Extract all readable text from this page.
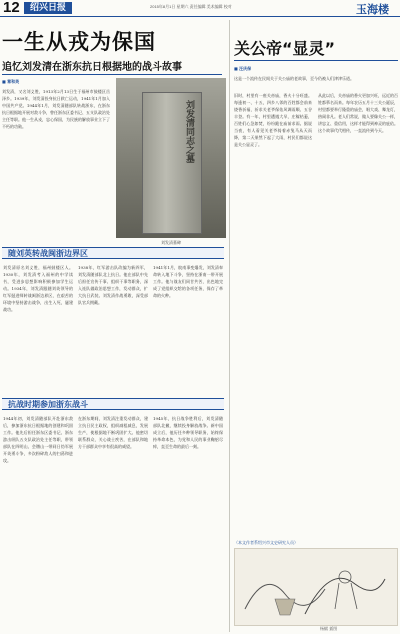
12	绍兴日报	2015年8月1日 星期六 责任编辑 美术编辑 校对	玉海楼
一生从戎为保国
追忆刘发清在浙东抗日根据地的战斗故事
■ 章和英
刘发清，又名刘义胜，1913年2月13日生于福州市鼓楼区岳泽乡。1939年，刘发清投身抗日救亡运动，1941年1月加入中国共产党。1944年1月，刘发清随部队转战浙东，在浙东抗日根据地开展对敌斗争，曾任浙东区委书记、五支队政治处主任等职。他一生从戎，忠心保国，为民族的解放事业立下了不朽的功勋。	刘发清同志之墓
刘发清墓碑
随刘英转战闽浙边界区
刘发清原名刘义胜，福州鼓楼区人。1930年，刘发清考入福州的中学读书，受进步思想影响积极参加学生运动。1934年，刘发清跟随刘英领导的红军挺进师转战闽浙边界区，在艰苦的环境中坚持游击战争，出生入死，屡建战功。
1938年，红军游击队改编为新四军，刘发清随部队北上抗日。他在部队中先后担任宣传干事、组织干事等职务，深入连队做政治思想工作，发动群众，扩大抗日武装。刘发清作战勇敢，深受部队官兵拥戴。
1941年1月，皖南事变爆发，刘发清奉命转入地下斗争，坚持在浙南一带开展工作。他与战友们同甘共苦，出色地完成了党组织交给的各项任务，保存了革命的火种。
抗战时期参加浙东战斗
1944年初，刘发清随部队开赴浙东敌后，参加浙东抗日根据地的创建和巩固工作。他先后担任浙东区委书记、浙东游击纵队五支队政治处主任等职，带领部队在四明山、会稽山一带同日伪军展开英勇斗争，多次粉碎敌人的扫荡和进攻。
在浙东期间，刘发清注重发动群众，建立抗日民主政权，组织减租减息，发展生产，使根据地不断巩固扩大。他密切联系群众，关心战士疾苦，在部队和地方干部群众中享有很高的威望。
1945年，抗日战争胜利后，刘发清随部队北撤，继续投身解放战争。新中国成立后，他历任多种领导职务，始终保持革命本色，为党和人民的事业鞠躬尽瘁，直至生命的最后一刻。
关公帝“显灵”
■ 汪庆保
这是一个流传在民间关于关公庙的老故事，至今仍被人们津津乐道。
旧时，村里有一座关帝庙，香火十分旺盛。每逢初一、十五，四乡八邻的百姓都会前来烧香祈福，祈求关老爷保佑风调雨顺、五谷丰登。有一年，村里遭遇大旱，庄稼枯萎，百姓们心急如焚，纷纷跪在庙前求雨。据说当夜，有人看见关老爷骑着赤兔马从天而降，第二天果然下起了大雨，村民们都说这是关公显灵了。
从此以后，关帝庙的香火更加兴旺，远近的百姓都慕名而来。每年农历五月十三关公诞辰，村里都要举行隆重的庙会，唱大戏、舞龙灯，热闹非凡。老人们常说，做人要像关公一样，讲忠义、重信用，这样才能得到神灵的庇佑。这个故事代代相传，一直流传到今天。
（本文作者系绍兴市文史研究人员）
杨赋 插图
